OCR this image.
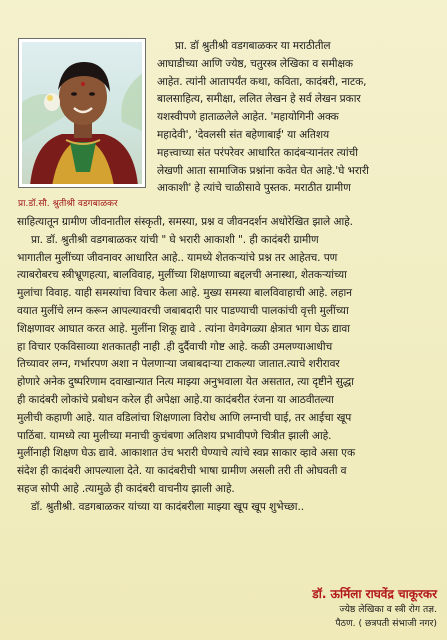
प्रा.डॉ.सौ. श्रुतीश्री वडगबाळकर
प्रा. डॉ श्रुतीश्री वडगबाळकर या मराठीतील
आघाडीच्या आणि ज्येष्ठ, चतुरस्त्र लेखिका व समीक्षक
आहेत. त्यांनी आतापर्यंत कथा, कविता, कादंबरी, नाटक,
बालसाहित्य, समीक्षा, ललित लेखन हे सर्व लेखन प्रकार
यशस्वीपणे हाताळलेले आहेत. 'महायोगिनी अक्क
महादेवी', 'देवलसी संत बहेणाबाई' या अतिशय
महत्त्वाच्या संत परंपरेवर आधारित कादंबऱ्यानंतर त्यांची
लेखणी आता सामाजिक प्रश्नांना कवेत घेत आहे.'घे भरारी
आकाशी' हे त्यांचे चाळीसावे पुस्तक. मराठीत ग्रामीण
साहित्यातून ग्रामीण जीवनातील संस्कृती, समस्या, प्रश्न व जीवनदर्शन अधोरेखित झाले आहे.
प्रा. डॉ. श्रुतीश्री वडगबाळकर यांची " घे भरारी आकाशी ". ही कादंबरी ग्रामीण
भागातील मुलींच्या जीवनावर आधारित आहे.. यामध्ये शेतकऱ्यांचे प्रश्न तर आहेतच. पण
त्याबरोबरच स्त्रीभ्रूणहत्या, बालविवाह, मुलींच्या शिक्षणाच्या बद्दलची अनास्था, शेतकऱ्यांच्या
मुलांचा विवाह. याही समस्यांचा विचार केला आहे. मुख्य समस्या बालविवाहाची आहे. लहान
वयात मुलींचे लग्न करून आपल्यावरची जबाबदारी पार पाडण्याची पालकांची वृत्ती मुलींच्या
शिक्षणावर आघात करत आहे. मुलींना शिकू द्यावे . त्यांना वेगवेगळ्या क्षेत्रात भाग घेऊ द्यावा
हा विचार एकविसाव्या शतकातही नाही .ही दुर्दैवाची गोष्ट आहे. कळी उमलण्याआधीच
तिच्यावर लग्न, गर्भारपण अशा न पेलणाऱ्या जबाबदाऱ्या टाकल्या जातात.त्याचे शरीरावर
होणारे अनेक दुष्परिणाम दवाखान्यात नित्य माझ्या अनुभवाला येत असतात, त्या दृष्टीने सुद्धा
ही कादंबरी लोकांचे प्रबोधन करेल ही अपेक्षा आहे.या कादंबरीत रंजना या आठवीतल्या
मुलीची कहाणी आहे. यात वडिलांचा शिक्षणाला विरोध आणि लग्नाची घाई, तर आईचा खूप
पाठिंबा. यामध्ये त्या मुलीच्या मनाची कुचंबणा अतिशय प्रभावीपणे चित्रीत झाली आहे.
मुलींनाही शिक्षण घेऊ द्यावे. आकाशात उंच भरारी घेण्याचे त्यांचे स्वप्न साकार व्हावे असा एक
संदेश ही कादंबरी आपल्याला देते. या कादंबरीची भाषा ग्रामीण असली तरी ती ओघवती व
सहज सोपी आहे .त्यामुळे ही कादंबरी वाचनीय झाली आहे.
डॉ. श्रुतीश्री. वडगबाळकर यांच्या या कादंबरीला माझ्या खूप खूप शुभेच्छा..
डॉ. ऊर्मिला राघवेंद्र चाकूरकर
ज्येष्ठ लेखिका व स्त्री रोग तज्ञ.
पैठण. ( छत्रपती संभाजी नगर)
